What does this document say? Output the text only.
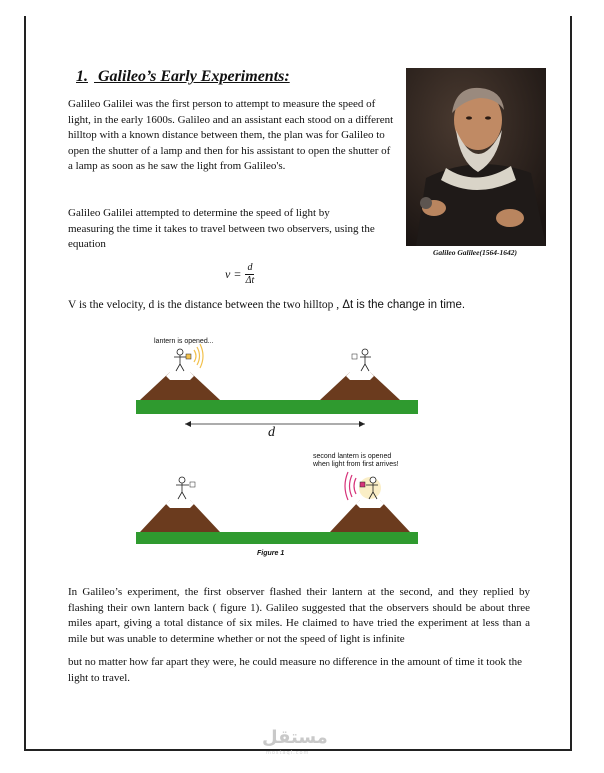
1. Galileo’s Early Experiments:
Galileo Galilei was the first person to attempt to measure the speed of light, in the early 1600s. Galileo and an assistant each stood on a different hilltop with a known distance between them, the plan was for Galileo to open the shutter of a lamp and then for his assistant to open the shutter of a lamp as soon as he saw the light from Galileo's.
Galileo Galilee(1564-1642)
Galileo Galilei attempted to determine the speed of light by measuring the time it takes to travel between two observers, using the equation
$v = \frac{d}{\Delta t}$
V is the velocity, d is the distance between the two hilltop , Δt is the change in time.
lantern is opened...
d
second lantern is opened
when light from first arrives!
Figure 1
In Galileo’s experiment, the first observer flashed their lantern at the second, and they replied by flashing their own lantern back ( figure 1). Galileo suggested that the observers should be about three miles apart, giving a total distance of six miles. He claimed to have tried the experiment at less than a mile but was unable to determine whether or not the speed of light is infinite
but no matter how far apart they were, he could measure no difference in the amount of time it took the light to travel.
مستقل
mostaql.com
